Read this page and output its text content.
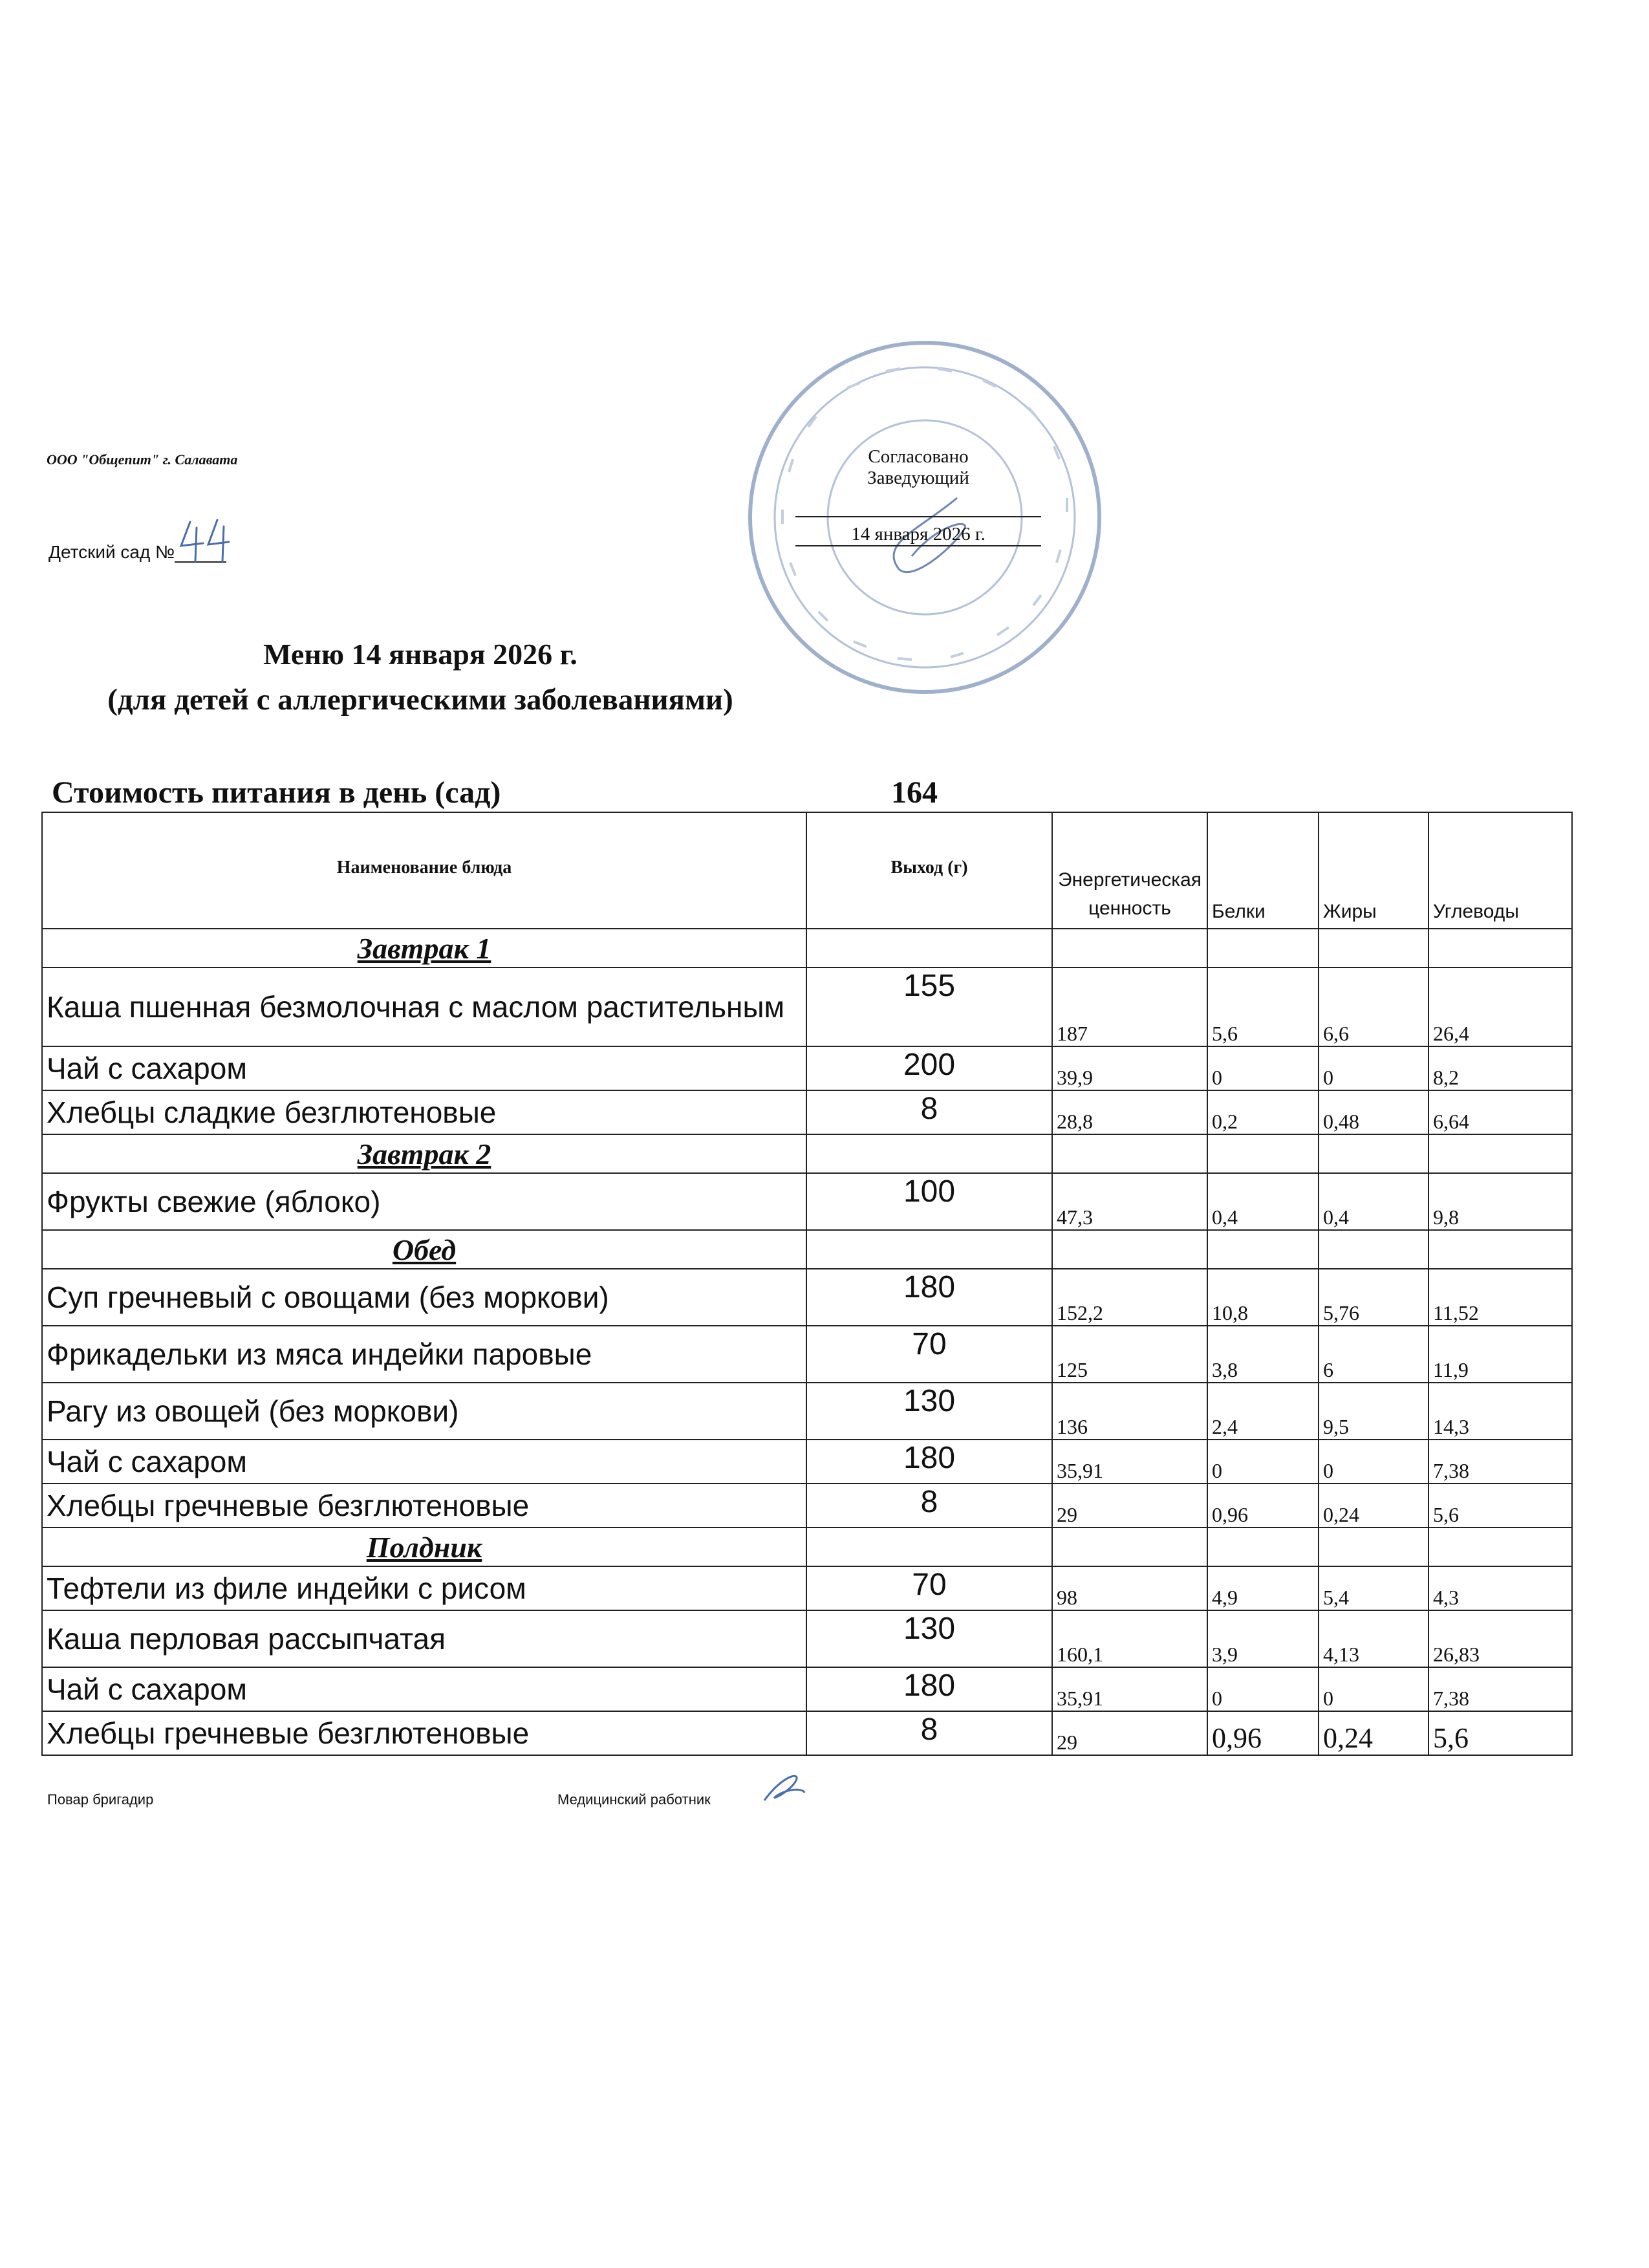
ООО "Общепит" г. Салавата
Детский сад №
Согласовано
Заведующий
14 января 2026 г.
Меню 14 января 2026 г.
(для детей с аллергическими заболеваниями)
Стоимость питания в день (сад)	164
Наименование блюда	Выход (г)	Энергетическая ценность	Белки	Жиры	Углеводы
Завтрак 1					
Каша пшенная безмолочная с маслом растительным	155	187	5,6	6,6	26,4
Чай с сахаром	200	39,9	0	0	8,2
Хлебцы сладкие безглютеновые	8	28,8	0,2	0,48	6,64
Завтрак 2					
Фрукты свежие (яблоко)	100	47,3	0,4	0,4	9,8
Обед					
Суп гречневый с овощами (без моркови)	180	152,2	10,8	5,76	11,52
Фрикадельки из мяса индейки паровые	70	125	3,8	6	11,9
Рагу из овощей (без моркови)	130	136	2,4	9,5	14,3
Чай с сахаром	180	35,91	0	0	7,38
Хлебцы гречневые безглютеновые	8	29	0,96	0,24	5,6
Полдник					
Тефтели из филе индейки с рисом	70	98	4,9	5,4	4,3
Каша перловая рассыпчатая	130	160,1	3,9	4,13	26,83
Чай с сахаром	180	35,91	0	0	7,38
Хлебцы гречневые безглютеновые	8	29	0,96	0,24	5,6
Повар бригадир	Медицинский работник
